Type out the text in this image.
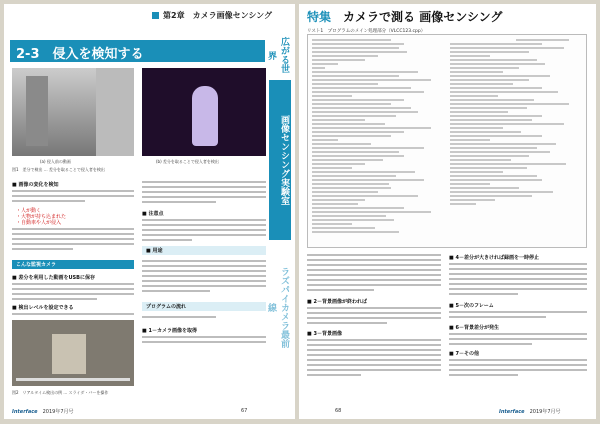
第2章　カメラ画像センシング
2-3　侵入を検知する
(a) 侵入前の動画	(b) 差分を取ることで侵入者を検出
図1　差分で検出 ... 差分を取ることで侵入者を検出
■ 画像の変化を検知
・人が動く
・大物が持ち込まれた
・自動車や人が侵入
こんな監視カメラ
■ 差分を利用した動画をUSBに保存
■ 検出レベルを設定できる
図2　リアルタイム検出の例 ... スライダ・バーを操作
■ 注意点
■ 用途
プログラムの流れ
■ 1－カメラ画像を取得
広がる世界
画像センシング実験室
ラズパイカメラ最前線
Interface　 2019年7月号	67
特集　 カメラで測る 画像センシング
リスト1　プログラムのメイン処理部分（VLCC123.cpp）
■ 2－背景画像が終われば
■ 3－背景画像
■ 4－差分が大きければ録画を一時停止
■ 5－次のフレーム
■ 6－背景差分が発生
■ 7－その他
68	Interface　 2019年7月号
